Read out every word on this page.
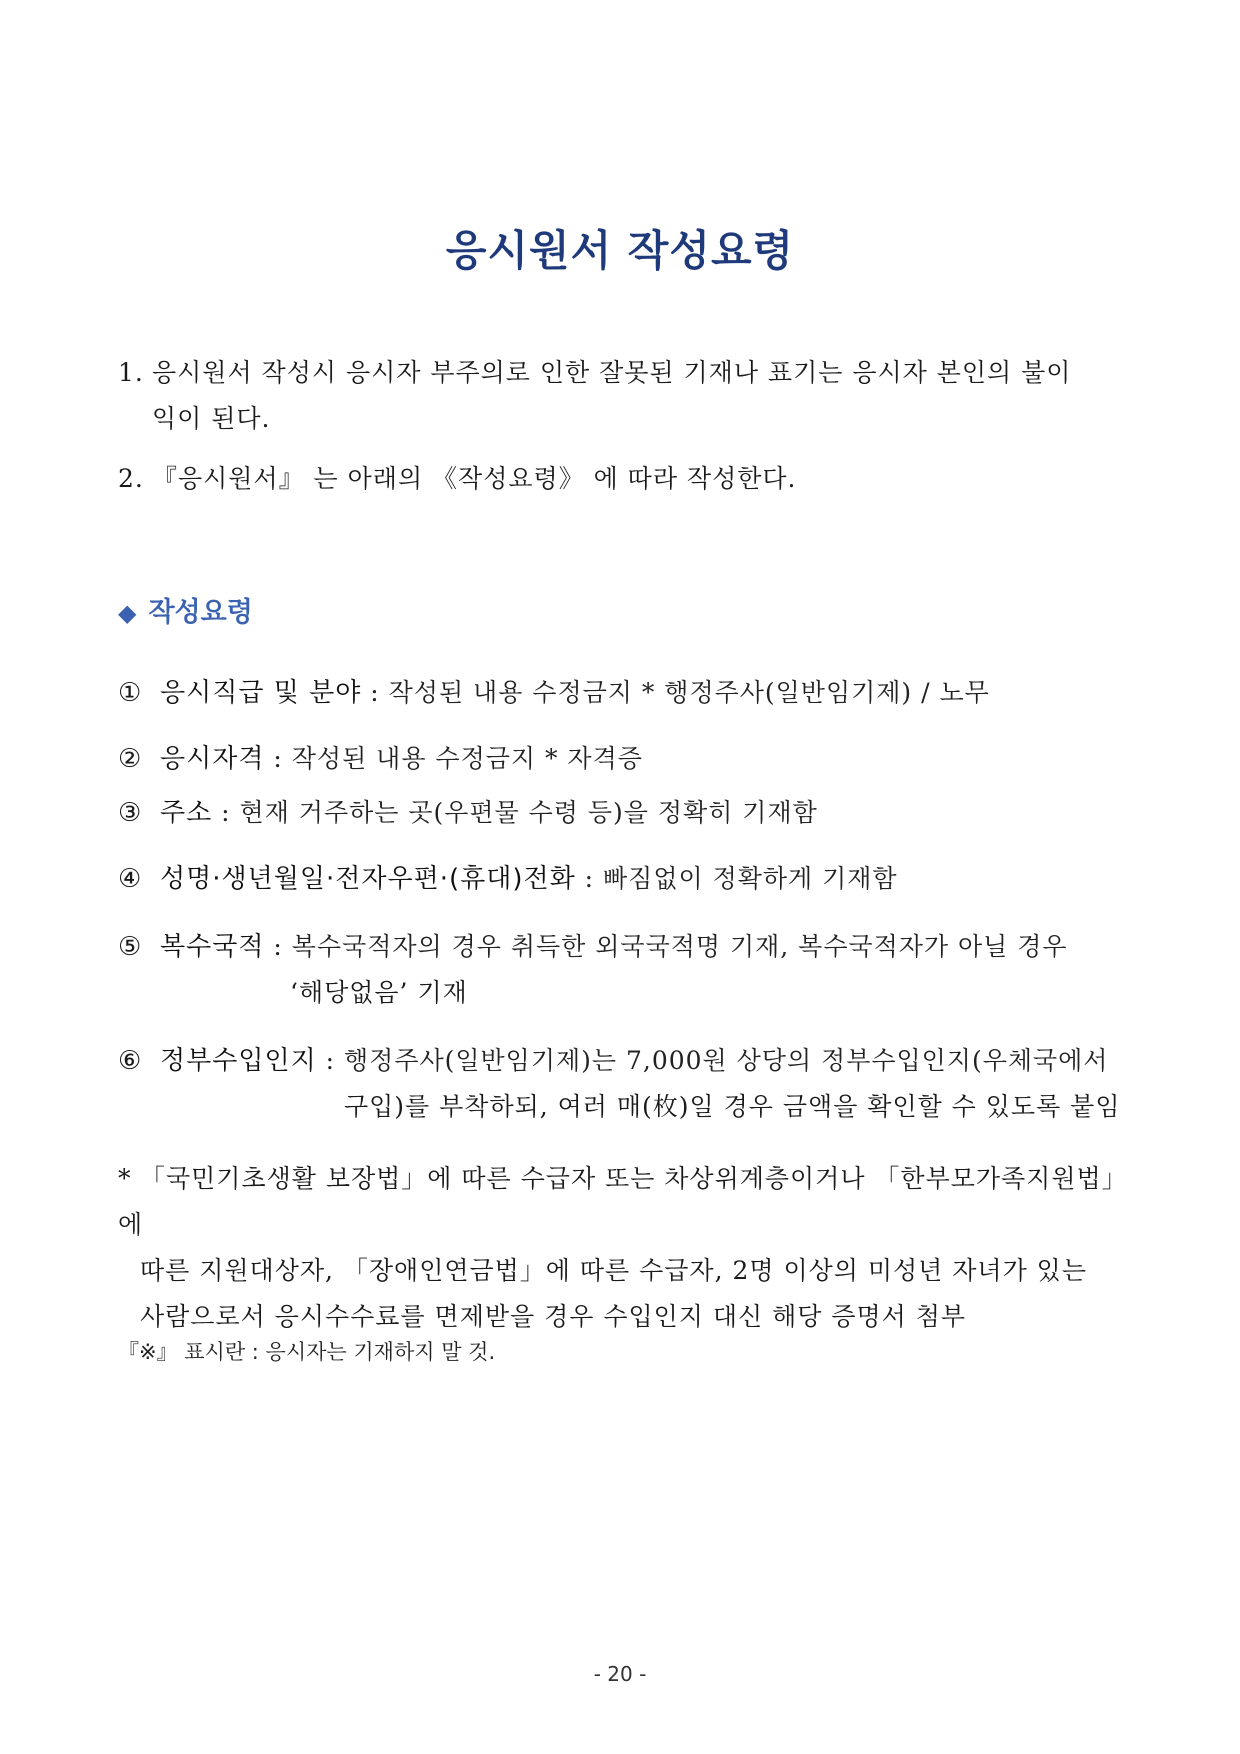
응시원서 작성요령
1. 응시원서 작성시 응시자 부주의로 인한 잘못된 기재나 표기는 응시자 본인의 불이
익이 된다.
2. 『응시원서』 는 아래의 《작성요령》 에 따라 작성한다.
◆ 작성요령
① 응시직급 및 분야 : 작성된 내용 수정금지 * 행정주사(일반임기제) / 노무
② 응시자격 : 작성된 내용 수정금지 * 자격증
③ 주소 : 현재 거주하는 곳(우편물 수령 등)을 정확히 기재함
④ 성명·생년월일·전자우편·(휴대)전화 : 빠짐없이 정확하게 기재함
⑤ 복수국적 : 복수국적자의 경우 취득한 외국국적명 기재, 복수국적자가 아닐 경우
‘해당없음’ 기재
⑥ 정부수입인지 : 행정주사(일반임기제)는 7,000원 상당의 정부수입인지(우체국에서
구입)를 부착하되, 여러 매(枚)일 경우 금액을 확인할 수 있도록 붙임
* 「국민기초생활 보장법」에 따른 수급자 또는 차상위계층이거나 「한부모가족지원법」에
따른 지원대상자, 「장애인연금법」에 따른 수급자, 2명 이상의 미성년 자녀가 있는
사람으로서 응시수수료를 면제받을 경우 수입인지 대신 해당 증명서 첨부
『※』 표시란 : 응시자는 기재하지 말 것.
- 20 -
